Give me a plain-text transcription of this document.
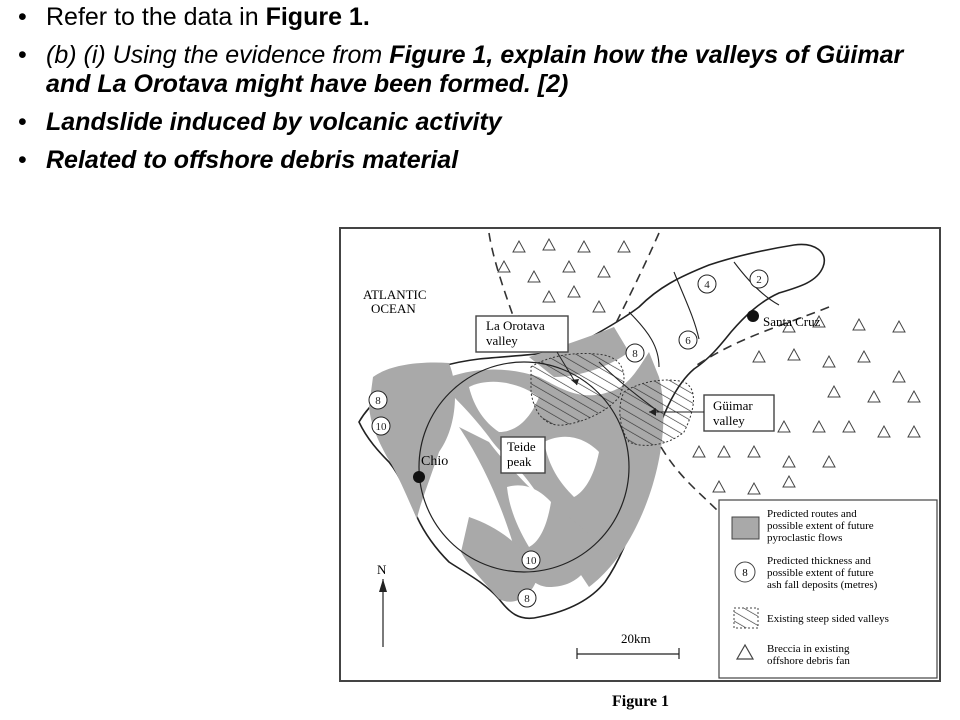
• Refer to the data in Figure 1.
• (b) (i) Using the evidence from Figure 1, explain how the valleys of Güimar and La Orotava might have been formed. [2)
• Landslide induced by volcanic activity
• Related to offshore debris material
2
4
6
8
8
10
10
8
Santa Cruz
Chio
ATLANTIC
OCEAN
La Orotava
valley
Güimar
valley
Teide
peak
N
20km
Predicted routes and
possible extent of future
pyroclastic flows
8
Predicted thickness and
possible extent of future
ash fall deposits (metres)
Existing steep sided valleys
Breccia in existing
offshore debris fan
Figure 1
